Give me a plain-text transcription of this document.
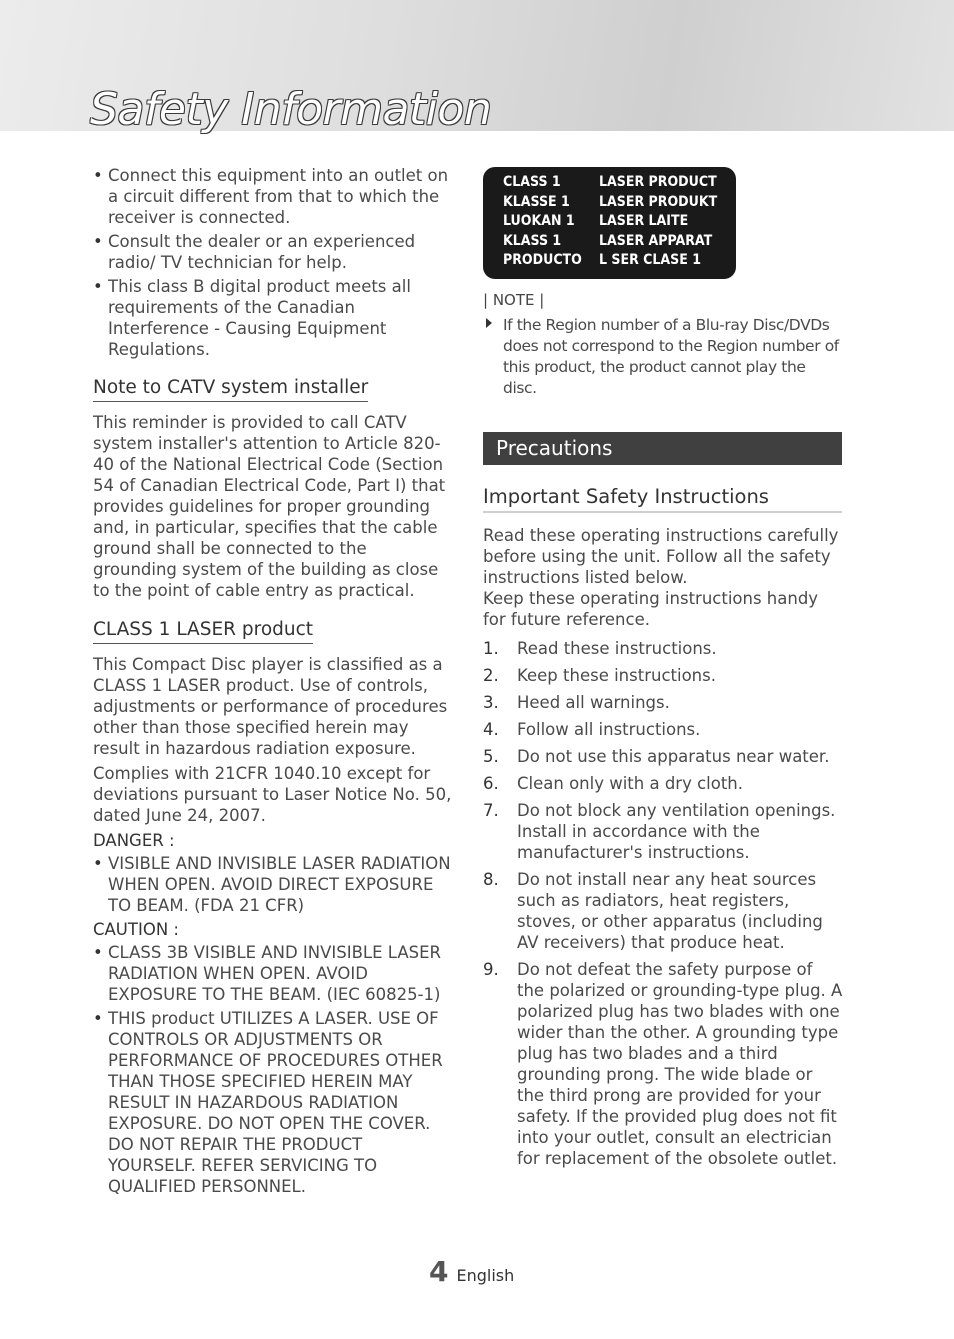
Safety Information
• Connect this equipment into an outlet on a circuit different from that to which the receiver is connected.
• Consult the dealer or an experienced radio/ TV technician for help.
• This class B digital product meets all requirements of the Canadian Interference - Causing Equipment Regulations.
Note to CATV system installer

This reminder is provided to call CATV system installer's attention to Article 820-40 of the National Electrical Code (Section 54 of Canadian Electrical Code, Part I) that provides guidelines for proper grounding and, in particular, specifies that the cable ground shall be connected to the grounding system of the building as close to the point of cable entry as practical.

CLASS 1 LASER product

This Compact Disc player is classified as a CLASS 1 LASER product. Use of controls, adjustments or performance of procedures other than those specified herein may result in hazardous radiation exposure.

Complies with 21CFR 1040.10 except for deviations pursuant to Laser Notice No. 50, dated June 24, 2007.

DANGER :
• VISIBLE AND INVISIBLE LASER RADIATION WHEN OPEN. AVOID DIRECT EXPOSURE TO BEAM. (FDA 21 CFR)
CAUTION :
• CLASS 3B VISIBLE AND INVISIBLE LASER RADIATION WHEN OPEN. AVOID EXPOSURE TO THE BEAM. (IEC 60825-1)
• THIS product UTILIZES A LASER. USE OF CONTROLS OR ADJUSTMENTS OR PERFORMANCE OF PROCEDURES OTHER THAN THOSE SPECIFIED HEREIN MAY RESULT IN HAZARDOUS RADIATION EXPOSURE. DO NOT OPEN THE COVER. DO NOT REPAIR THE PRODUCT YOURSELF. REFER SERVICING TO QUALIFIED PERSONNEL.
CLASS 1	LASER PRODUCT
KLASSE 1	LASER PRODUKT
LUOKAN 1	LASER LAITE
KLASS 1	LASER APPARAT
PRODUCTO	L SER CLASE 1
| NOTE |
If the Region number of a Blu-ray Disc/DVDs does not correspond to the Region number of this product, the product cannot play the disc.
Precautions
Important Safety Instructions

Read these operating instructions carefully before using the unit. Follow all the safety instructions listed below.

Keep these operating instructions handy for future reference.

1. Read these instructions.
2. Keep these instructions.
3. Heed all warnings.
4. Follow all instructions.
5. Do not use this apparatus near water.
6. Clean only with a dry cloth.
7. Do not block any ventilation openings. Install in accordance with the manufacturer's instructions.
8. Do not install near any heat sources such as radiators, heat registers, stoves, or other apparatus (including AV receivers) that produce heat.
9. Do not defeat the safety purpose of the polarized or grounding-type plug. A polarized plug has two blades with one wider than the other. A grounding type plug has two blades and a third grounding prong. The wide blade or the third prong are provided for your safety. If the provided plug does not fit into your outlet, consult an electrician for replacement of the obsolete outlet.
4 English
